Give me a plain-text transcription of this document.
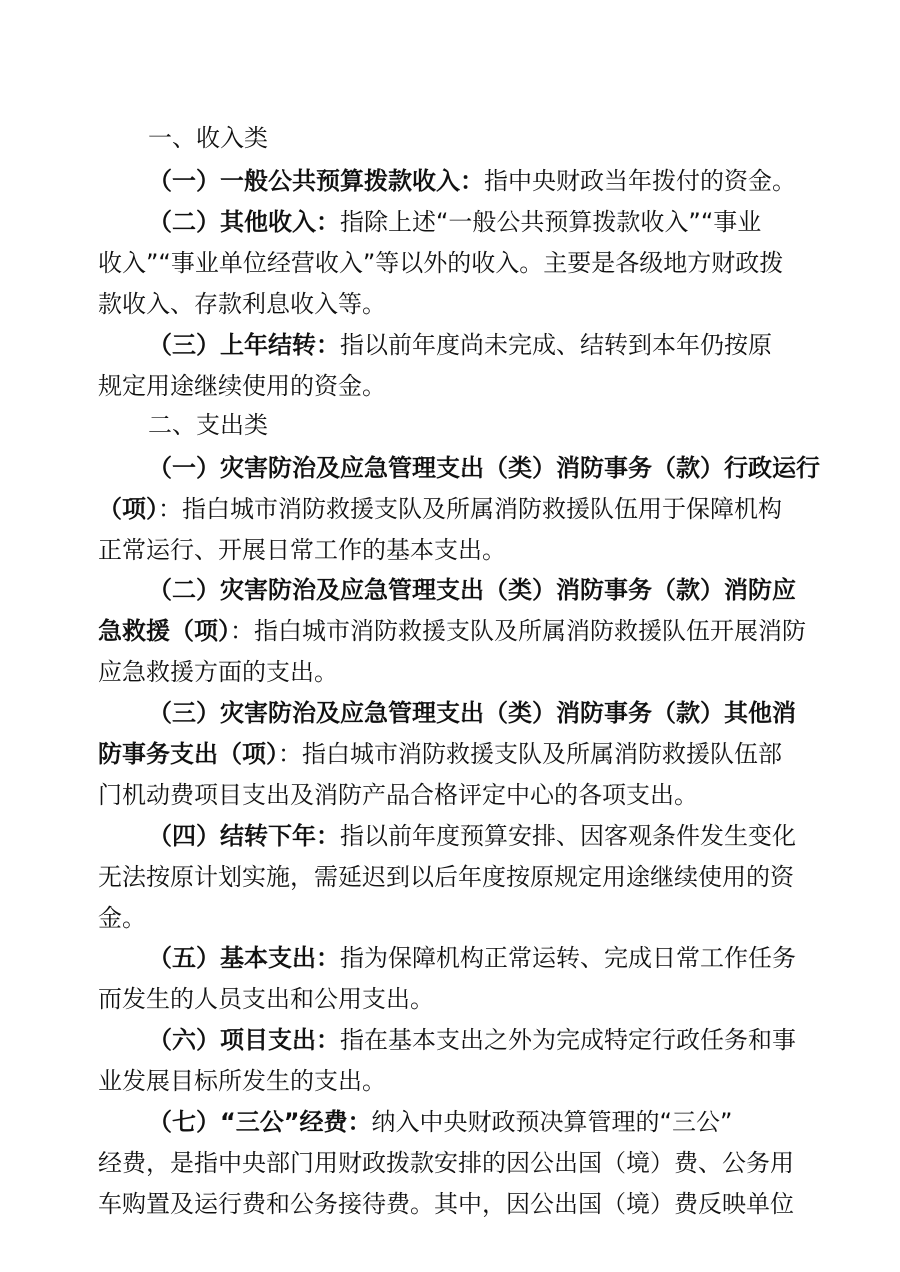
一、收入类
（一）一般公共预算拨款收入：指中央财政当年拨付的资金。
（二）其他收入：指除上述“一般公共预算拨款收入”“事业
收入”“事业单位经营收入”等以外的收入。主要是各级地方财政拨
款收入、存款利息收入等。
（三）上年结转：指以前年度尚未完成、结转到本年仍按原
规定用途继续使用的资金。
二、支出类
（一）灾害防治及应急管理支出（类）消防事务（款）行政运行
（项）：指白城市消防救援支队及所属消防救援队伍用于保障机构
正常运行、开展日常工作的基本支出。
（二）灾害防治及应急管理支出（类）消防事务（款）消防应
急救援（项）：指白城市消防救援支队及所属消防救援队伍开展消防
应急救援方面的支出。
（三）灾害防治及应急管理支出（类）消防事务（款）其他消
防事务支出（项）：指白城市消防救援支队及所属消防救援队伍部
门机动费项目支出及消防产品合格评定中心的各项支出。
（四）结转下年：指以前年度预算安排、因客观条件发生变化
无法按原计划实施，需延迟到以后年度按原规定用途继续使用的资
金。
（五）基本支出：指为保障机构正常运转、完成日常工作任务
而发生的人员支出和公用支出。
（六）项目支出：指在基本支出之外为完成特定行政任务和事
业发展目标所发生的支出。
（七）“三公”经费：纳入中央财政预决算管理的“三公”
经费，是指中央部门用财政拨款安排的因公出国（境）费、公务用
车购置及运行费和公务接待费。其中，因公出国（境）费反映单位
